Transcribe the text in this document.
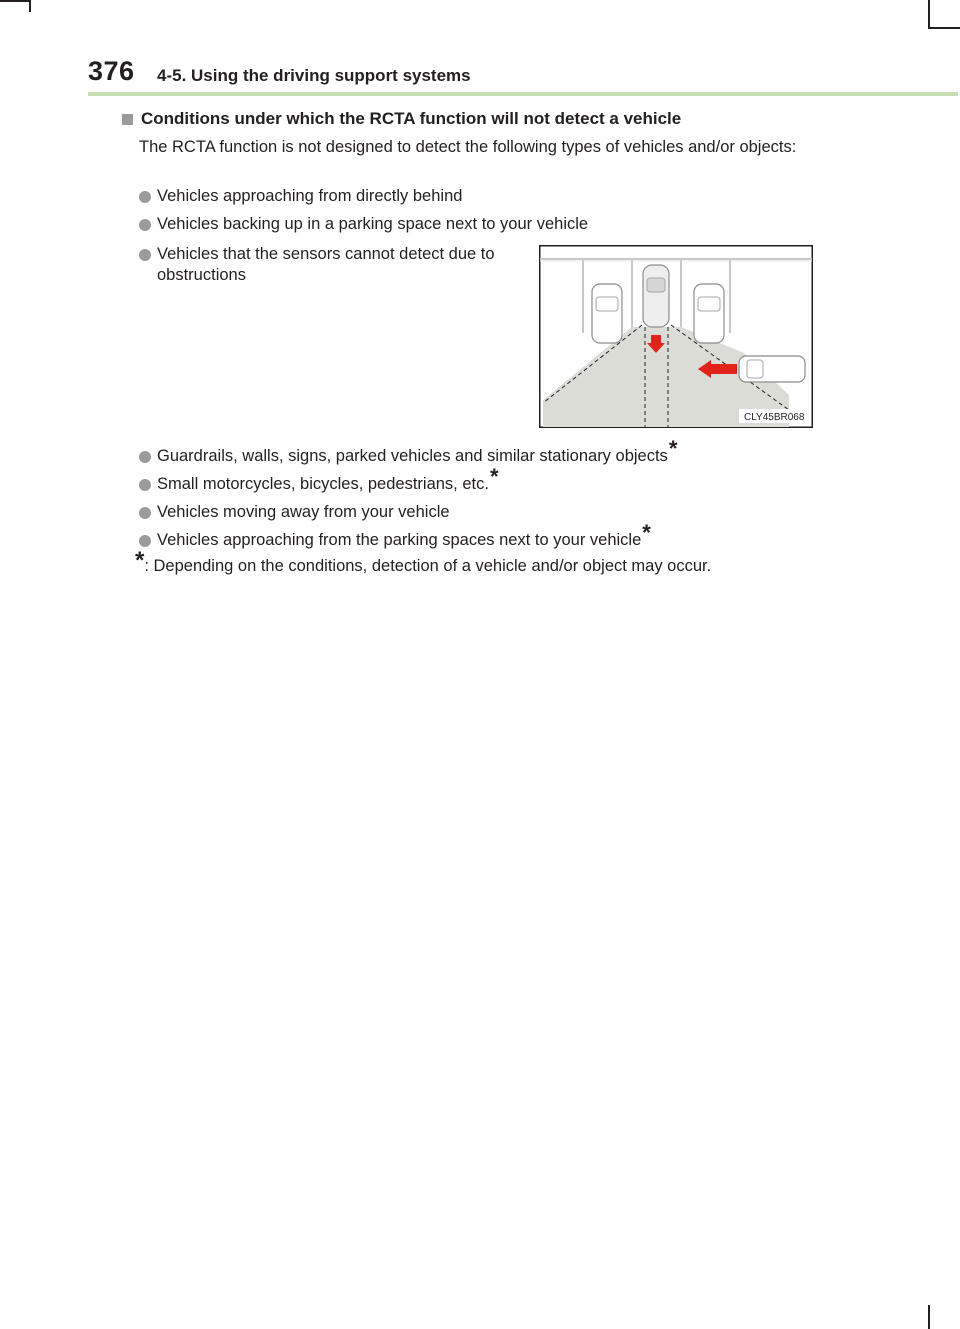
376 4-5. Using the driving support systems
Conditions under which the RCTA function will not detect a vehicle
The RCTA function is not designed to detect the following types of vehicles and/or objects:
Vehicles approaching from directly behind
Vehicles backing up in a parking space next to your vehicle
Vehicles that the sensors cannot detect due to obstructions
CLY45BR068
Guardrails, walls, signs, parked vehicles and similar stationary objects*
Small motorcycles, bicycles, pedestrians, etc.*
Vehicles moving away from your vehicle
Vehicles approaching from the parking spaces next to your vehicle*
*: Depending on the conditions, detection of a vehicle and/or object may occur.
